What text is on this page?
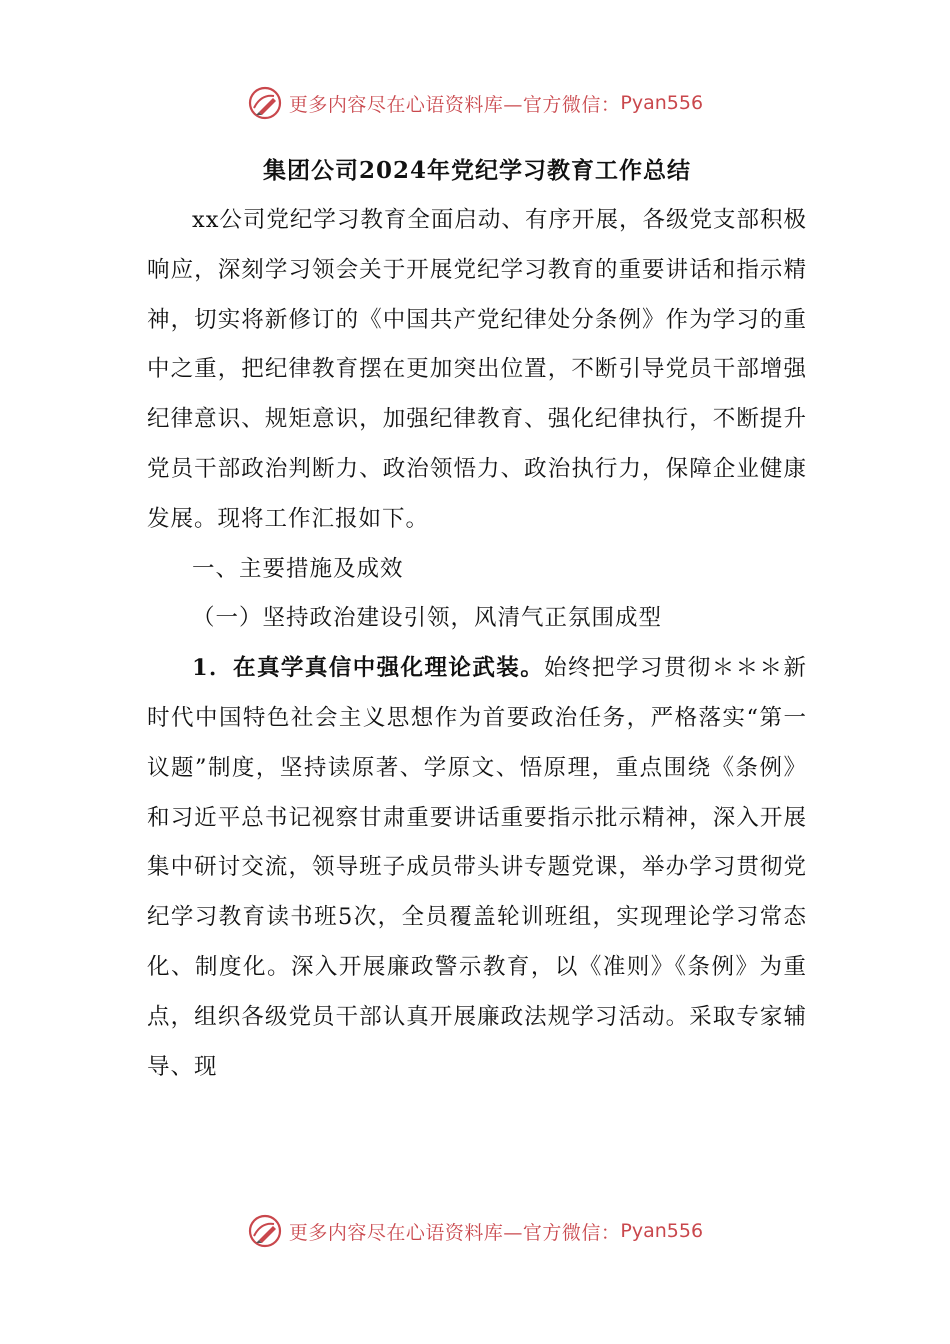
更多内容尽在心语资料库—官方微信： Pyan556
集团公司2024年党纪学习教育工作总结

xx公司党纪学习教育全面启动、有序开展，各级党支部积极响应，深刻学习领会关于开展党纪学习教育的重要讲话和指示精神，切实将新修订的《中国共产党纪律处分条例》作为学习的重中之重，把纪律教育摆在更加突出位置，不断引导党员干部增强纪律意识、规矩意识，加强纪律教育、强化纪律执行，不断提升党员干部政治判断力、政治领悟力、政治执行力，保障企业健康发展。现将工作汇报如下。

一、主要措施及成效

（一）坚持政治建设引领，风清气正氛围成型

1．在真学真信中强化理论武装。始终把学习贯彻＊＊＊新时代中国特色社会主义思想作为首要政治任务，严格落实“第一议题”制度，坚持读原著、学原文、悟原理，重点围绕《条例》和习近平总书记视察甘肃重要讲话重要指示批示精神，深入开展集中研讨交流，领导班子成员带头讲专题党课，举办学习贯彻党纪学习教育读书班5次，全员覆盖轮训班组，实现理论学习常态化、制度化。深入开展廉政警示教育，以《准则》《条例》为重点，组织各级党员干部认真开展廉政法规学习活动。采取专家辅导、现

更多内容尽在心语资料库—官方微信： Pyan556
